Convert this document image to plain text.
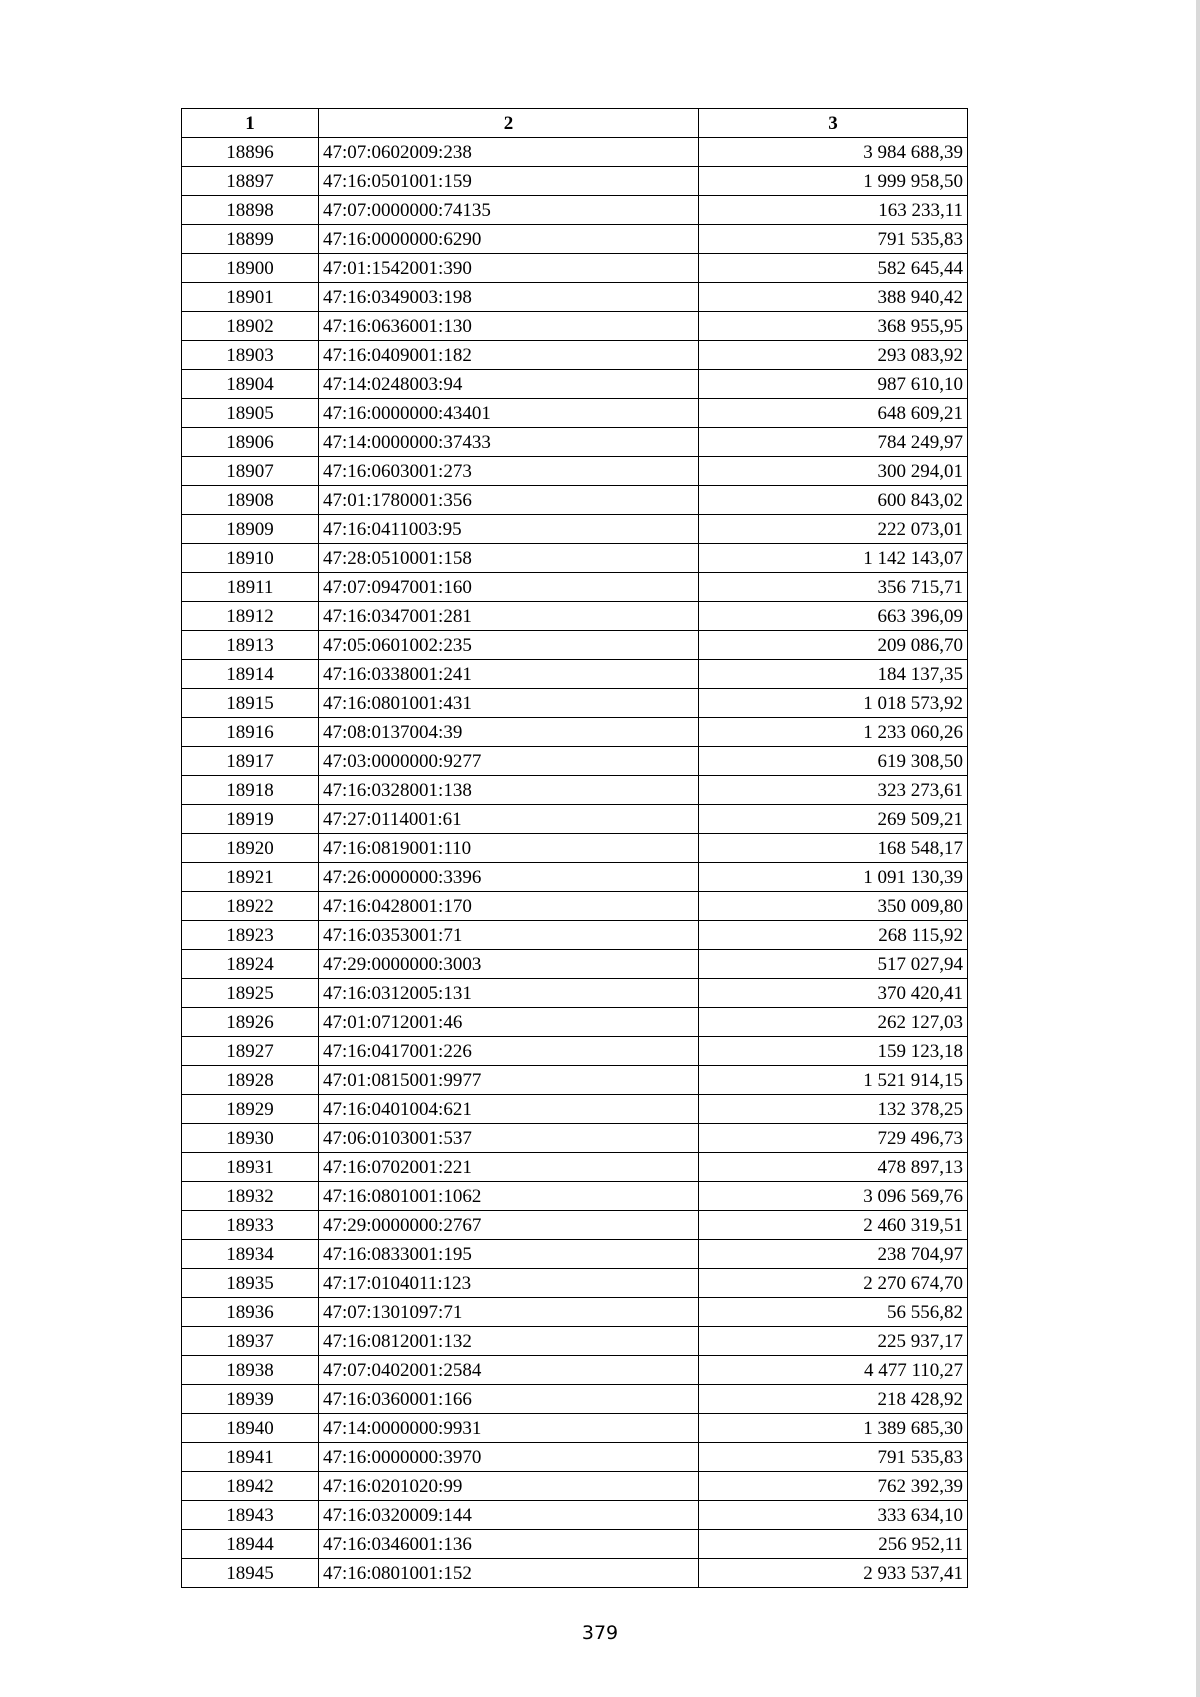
1	2	3
18896	47:07:0602009:238	3 984 688,39
18897	47:16:0501001:159	1 999 958,50
18898	47:07:0000000:74135	163 233,11
18899	47:16:0000000:6290	791 535,83
18900	47:01:1542001:390	582 645,44
18901	47:16:0349003:198	388 940,42
18902	47:16:0636001:130	368 955,95
18903	47:16:0409001:182	293 083,92
18904	47:14:0248003:94	987 610,10
18905	47:16:0000000:43401	648 609,21
18906	47:14:0000000:37433	784 249,97
18907	47:16:0603001:273	300 294,01
18908	47:01:1780001:356	600 843,02
18909	47:16:0411003:95	222 073,01
18910	47:28:0510001:158	1 142 143,07
18911	47:07:0947001:160	356 715,71
18912	47:16:0347001:281	663 396,09
18913	47:05:0601002:235	209 086,70
18914	47:16:0338001:241	184 137,35
18915	47:16:0801001:431	1 018 573,92
18916	47:08:0137004:39	1 233 060,26
18917	47:03:0000000:9277	619 308,50
18918	47:16:0328001:138	323 273,61
18919	47:27:0114001:61	269 509,21
18920	47:16:0819001:110	168 548,17
18921	47:26:0000000:3396	1 091 130,39
18922	47:16:0428001:170	350 009,80
18923	47:16:0353001:71	268 115,92
18924	47:29:0000000:3003	517 027,94
18925	47:16:0312005:131	370 420,41
18926	47:01:0712001:46	262 127,03
18927	47:16:0417001:226	159 123,18
18928	47:01:0815001:9977	1 521 914,15
18929	47:16:0401004:621	132 378,25
18930	47:06:0103001:537	729 496,73
18931	47:16:0702001:221	478 897,13
18932	47:16:0801001:1062	3 096 569,76
18933	47:29:0000000:2767	2 460 319,51
18934	47:16:0833001:195	238 704,97
18935	47:17:0104011:123	2 270 674,70
18936	47:07:1301097:71	56 556,82
18937	47:16:0812001:132	225 937,17
18938	47:07:0402001:2584	4 477 110,27
18939	47:16:0360001:166	218 428,92
18940	47:14:0000000:9931	1 389 685,30
18941	47:16:0000000:3970	791 535,83
18942	47:16:0201020:99	762 392,39
18943	47:16:0320009:144	333 634,10
18944	47:16:0346001:136	256 952,11
18945	47:16:0801001:152	2 933 537,41
379
